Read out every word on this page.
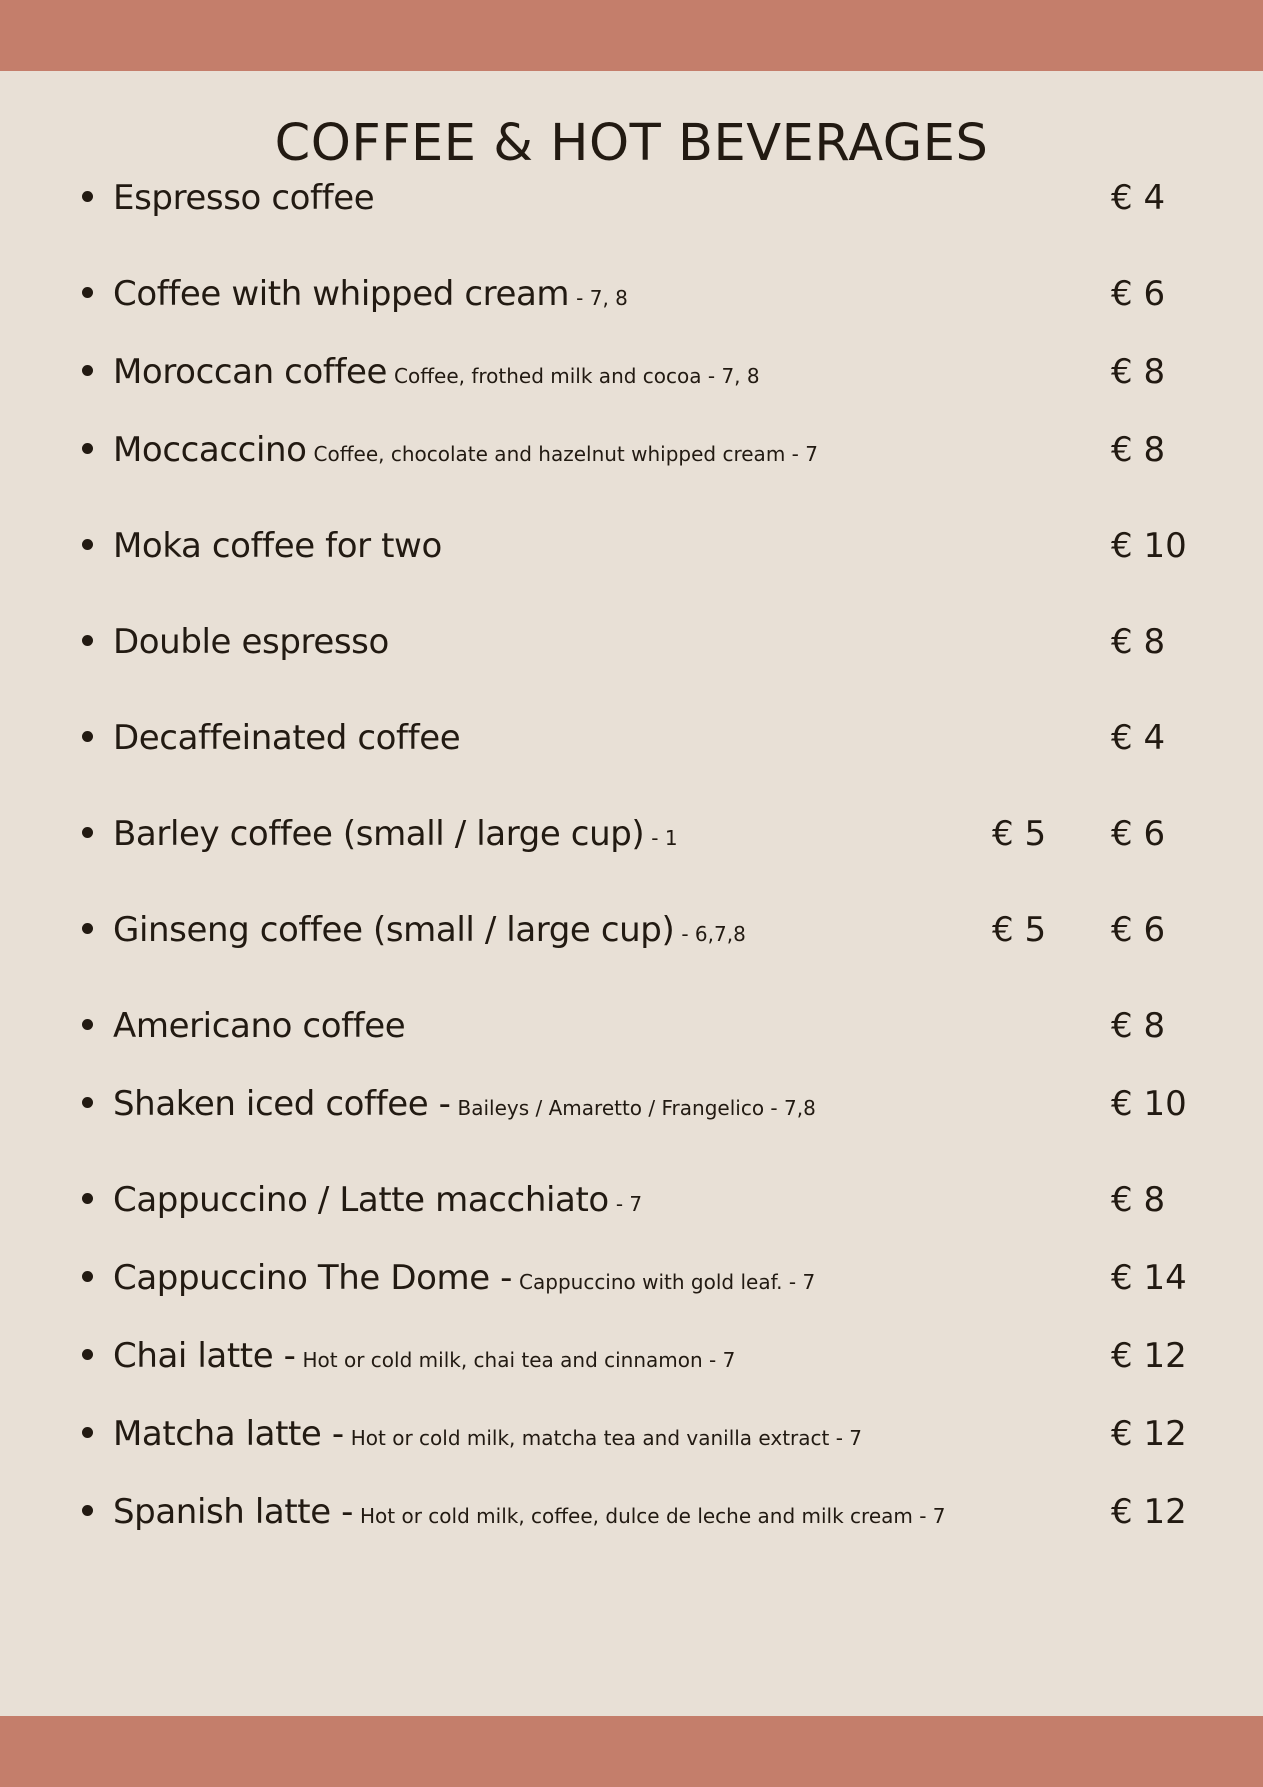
COFFEE & HOT BEVERAGES
Espresso coffee	€ 4
Coffee with whipped cream - 7, 8	€ 6
Moroccan coffee Coffee, frothed milk and cocoa - 7, 8	€ 8
Moccaccino Coffee, chocolate and hazelnut whipped cream - 7	€ 8
Moka coffee for two	€ 10
Double espresso	€ 8
Decaffeinated coffee	€ 4
Barley coffee (small / large cup) - 1	€ 5 € 6
Ginseng coffee (small / large cup) - 6,7,8	€ 5 € 6
Americano coffee	€ 8
Shaken iced coffee - Baileys / Amaretto / Frangelico - 7,8	€ 10
Cappuccino / Latte macchiato - 7	€ 8
Cappuccino The Dome - Cappuccino with gold leaf. - 7	€ 14
Chai latte - Hot or cold milk, chai tea and cinnamon - 7	€ 12
Matcha latte - Hot or cold milk, matcha tea and vanilla extract - 7	€ 12
Spanish latte - Hot or cold milk, coffee, dulce de leche and milk cream - 7	€ 12
